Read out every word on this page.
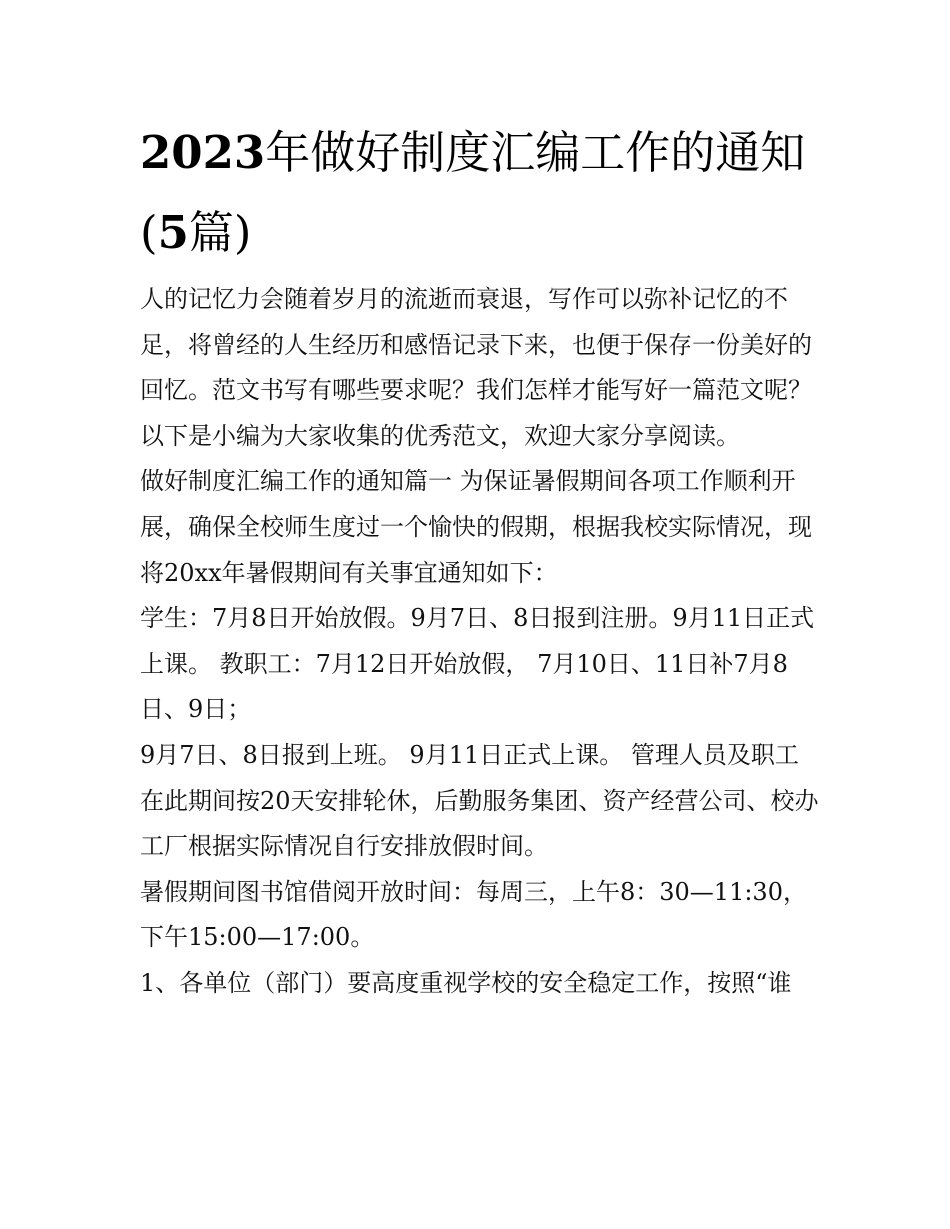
2023年做好制度汇编工作的通知(5篇)

人的记忆力会随着岁月的流逝而衰退，写作可以弥补记忆的不足，将曾经的人生经历和感悟记录下来，也便于保存一份美好的回忆。范文书写有哪些要求呢？我们怎样才能写好一篇范文呢？以下是小编为大家收集的优秀范文，欢迎大家分享阅读。

做好制度汇编工作的通知篇一 为保证暑假期间各项工作顺利开展，确保全校师生度过一个愉快的假期，根据我校实际情况，现将20xx年暑假期间有关事宜通知如下：

学生：7月8日开始放假。9月7日、8日报到注册。9月11日正式上课。 教职工：7月12日开始放假， 7月10日、11日补7月8日、9日；

9月7日、8日报到上班。 9月11日正式上课。 管理人员及职工在此期间按20天安排轮休，后勤服务集团、资产经营公司、校办工厂根据实际情况自行安排放假时间。

暑假期间图书馆借阅开放时间：每周三，上午8：30—11:30，下午15:00—17:00。

1、各单位（部门）要高度重视学校的安全稳定工作，按照“谁
